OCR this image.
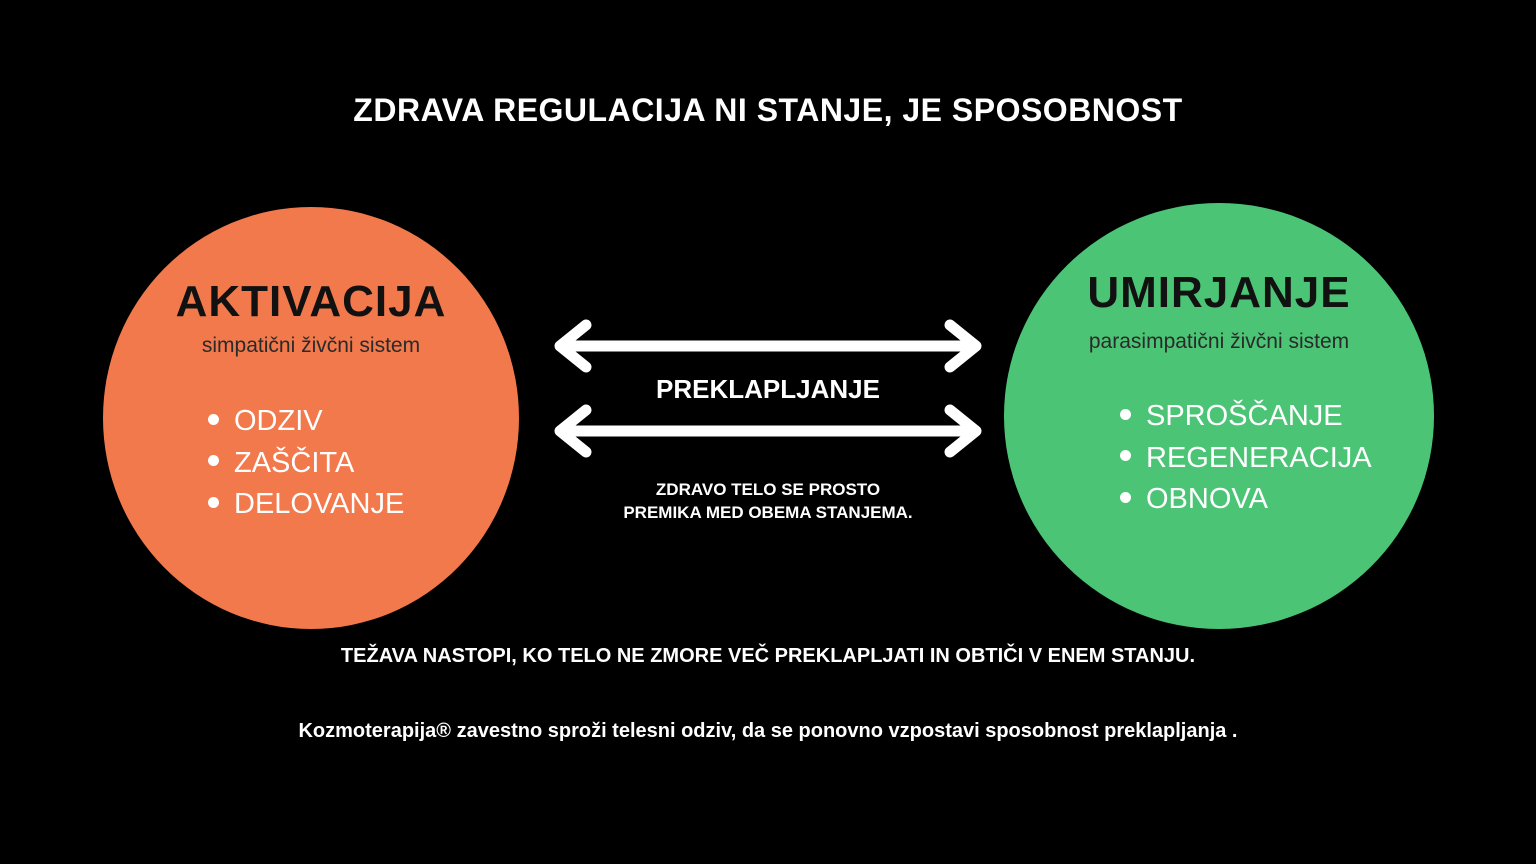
ZDRAVA REGULACIJA NI STANJE, JE SPOSOBNOST
AKTIVACIJA
simpatični živčni sistem
ODZIV
ZAŠČITA
DELOVANJE
UMIRJANJE
parasimpatični živčni sistem
SPROŠČANJE
REGENERACIJA
OBNOVA
PREKLAPLJANJE
ZDRAVO TELO SE PROSTO
PREMIKA MED OBEMA STANJEMA.
TEŽAVA NASTOPI, KO TELO NE ZMORE VEČ PREKLAPLJATI IN OBTIČI V ENEM STANJU.
Kozmoterapija® zavestno sproži telesni odziv, da se ponovno vzpostavi sposobnost preklapljanja .
